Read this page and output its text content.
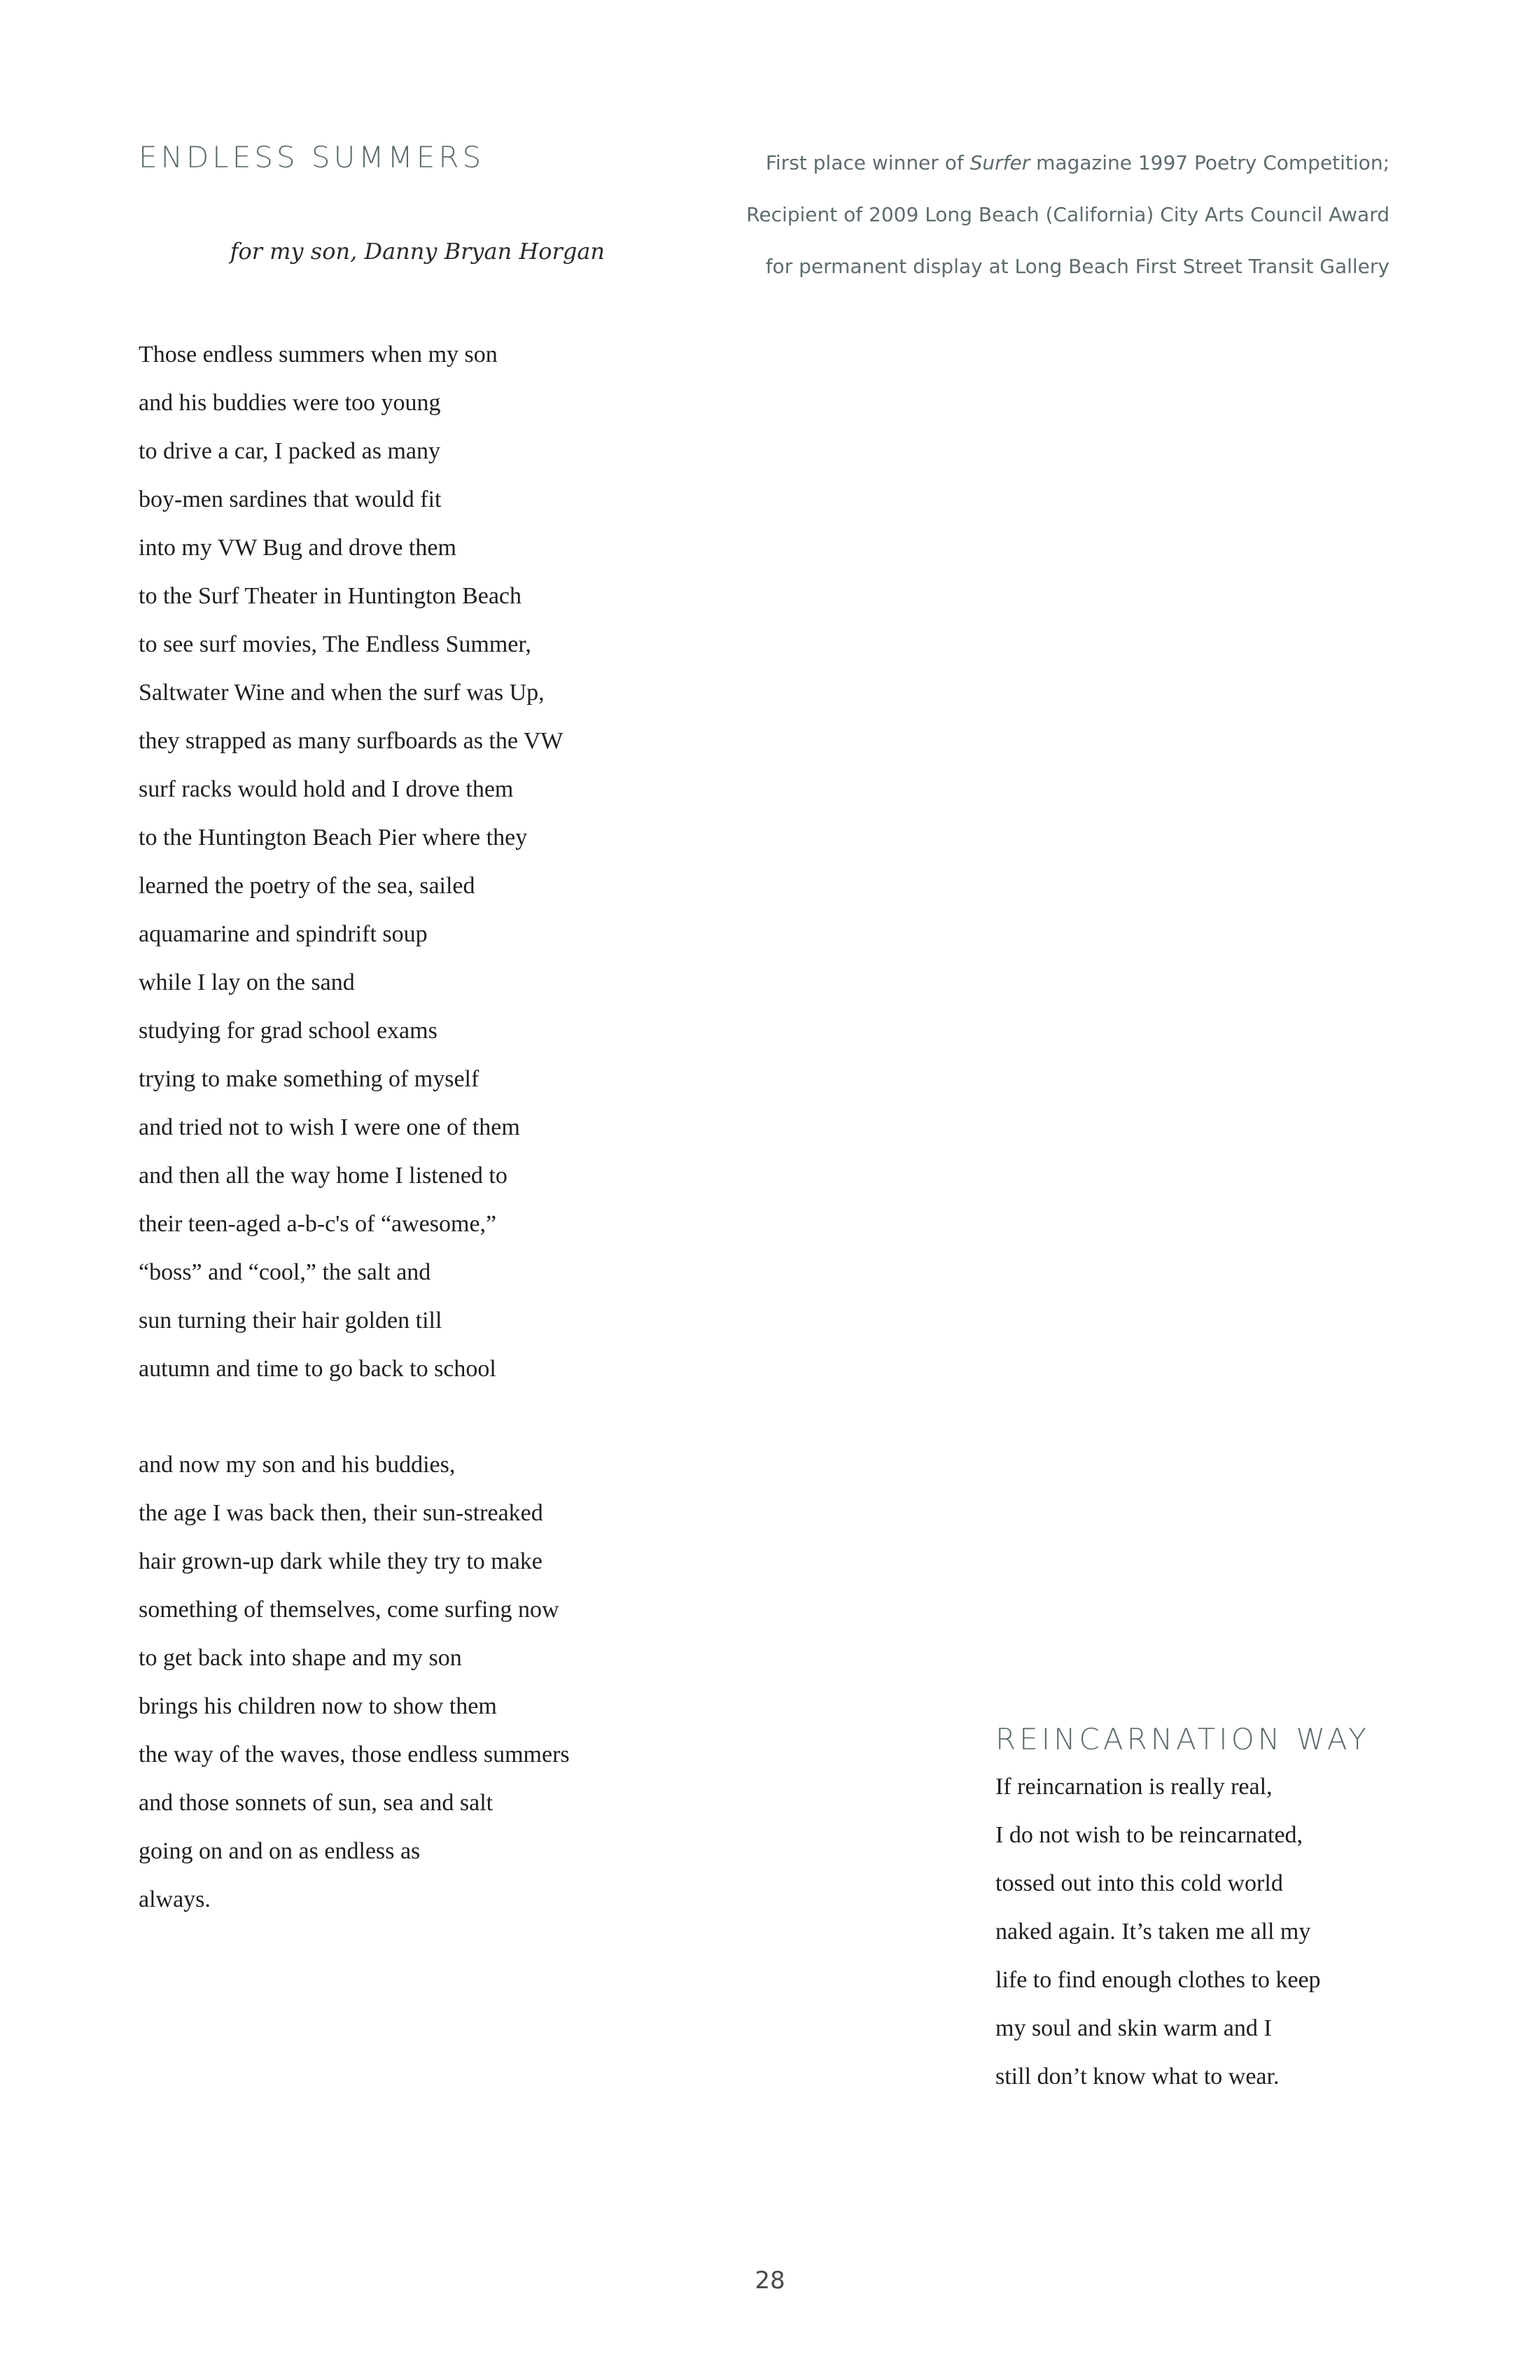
ENDLESS SUMMERS
for my son, Danny Bryan Horgan
First place winner of Surfer magazine 1997 Poetry Competition;
Recipient of 2009 Long Beach (California) City Arts Council Award
for permanent display at Long Beach First Street Transit Gallery
Those endless summers when my son
and his buddies were too young
to drive a car, I packed as many
boy-men sardines that would fit
into my VW Bug and drove them
to the Surf Theater in Huntington Beach
to see surf movies, The Endless Summer,
Saltwater Wine and when the surf was Up,
they strapped as many surfboards as the VW
surf racks would hold and I drove them
to the Huntington Beach Pier where they
learned the poetry of the sea, sailed
aquamarine and spindrift soup
while I lay on the sand
studying for grad school exams
trying to make something of myself
and tried not to wish I were one of them
and then all the way home I listened to
their teen-aged a-b-c's of “awesome,”
“boss” and “cool,” the salt and
sun turning their hair golden till
autumn and time to go back to school
and now my son and his buddies,
the age I was back then, their sun-streaked
hair grown-up dark while they try to make
something of themselves, come surfing now
to get back into shape and my son
brings his children now to show them
the way of the waves, those endless summers
and those sonnets of sun, sea and salt
going on and on as endless as
always.
REINCARNATION WAY
If reincarnation is really real,
I do not wish to be reincarnated,
tossed out into this cold world
naked again. It’s taken me all my
life to find enough clothes to keep
my soul and skin warm and I
still don’t know what to wear.
28
